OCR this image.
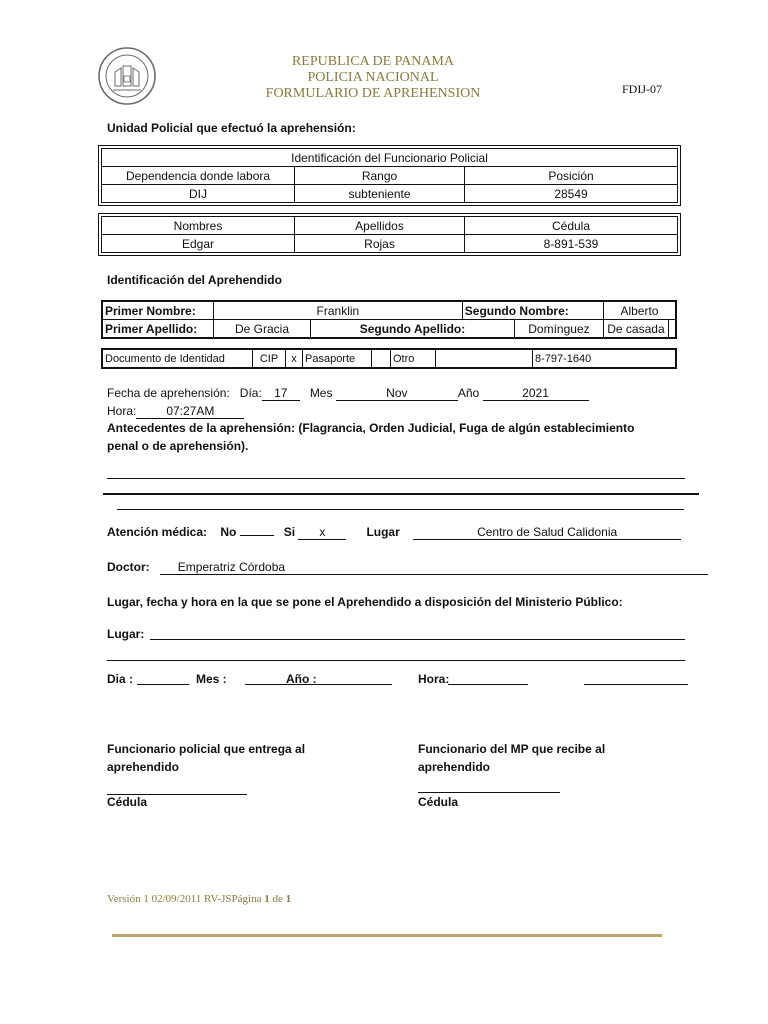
REPUBLICA DE PANAMA
POLICIA NACIONAL
FORMULARIO DE APREHENSION	FDIJ-07
Unidad Policial que efectuó la aprehensión:
Identificación del Funcionario Policial		
Dependencia donde labora	Rango	Posición
DIJ	subteniente	28549
Nombres	Apellidos	Cédula
Edgar	Rojas	8-891-539
Identificación del Aprehendido
Primer Nombre:	Franklin		Segundo Nombre:		Alberto	
Primer Apellido:	De Gracia	Segundo Apellido:		Domínguez	De casada	
Documento de Identidad	CIP	x	Pasaporte		Otro		8-797-1640
Fecha de aprehensión: Día: 17 Mes	Nov	Año	2021
Hora: 07:27AM
Antecedentes de la aprehensión: (Flagrancia, Orden Judicial, Fuga de algún establecimiento
penal o de aprehensión).
Atención médica: No	Si x	Lugar	Centro de Salud Calidonia
Doctor: Emperatriz Córdoba
Lugar, fecha y hora en la que se pone el Aprehendido a disposición del Ministerio Público:
Lugar:
Dia :	Mes :	Año :	Hora:
Funcionario policial que entrega al
aprehendido
Cédula
Funcionario del MP que recibe al
aprehendido
Cédula
Versión 1 02/09/2011 RV-JSPágina 1 de 1
